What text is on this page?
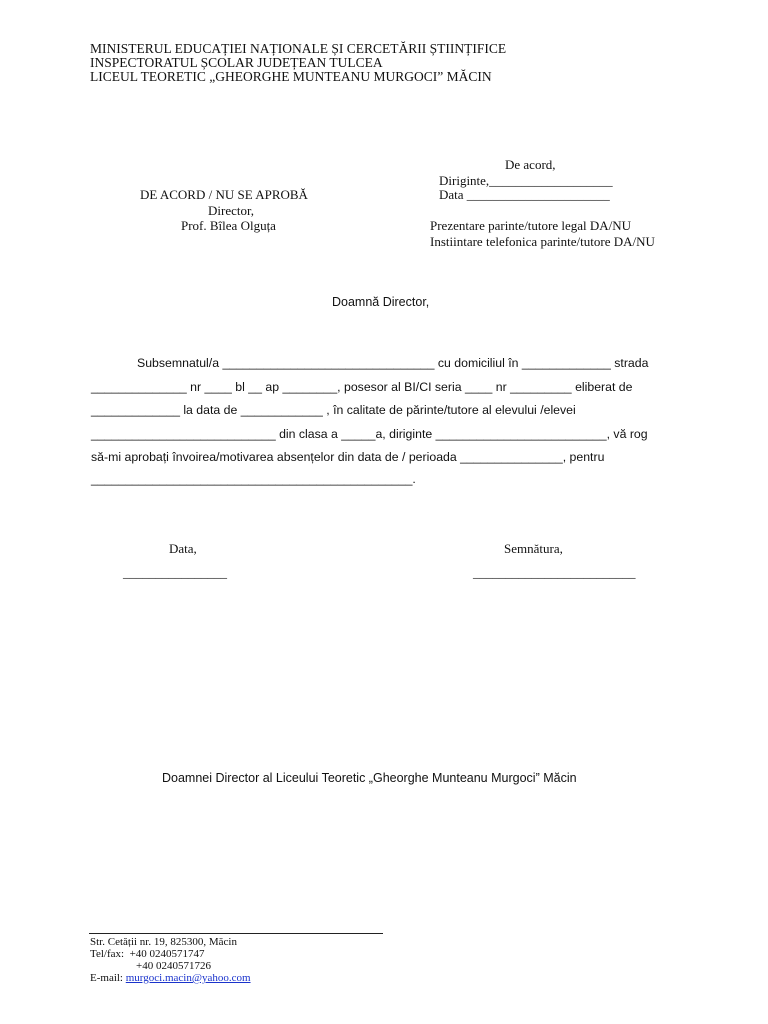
MINISTERUL EDUCAȚIEI NAȚIONALE ȘI CERCETĂRII ȘTIINȚIFICE
INSPECTORATUL ȘCOLAR JUDEȚEAN TULCEA
LICEUL TEORETIC „GHEORGHE MUNTEANU MURGOCI” MĂCIN
De acord,
Diriginte,___________________
Data ______________________
Prezentare parinte/tutore legal DA/NU
Instiintare telefonica parinte/tutore DA/NU
DE ACORD / NU SE APROBĂ
Director,
Prof. Bîlea Olguța
Doamnă Director,
Subsemnatul/a _______________________________ cu domiciliul în _____________ strada
______________ nr ____ bl __ ap ________, posesor al BI/CI seria ____ nr _________ eliberat de
_____________ la data de ____________ , în calitate de părinte/tutore al elevului /elevei
___________________________ din clasa a _____a, diriginte _________________________, vă rog
să-mi aprobați învoirea/motivarea absențelor din data de / perioada _______________, pentru
_______________________________________________.
Data,
________________
Semnătura,
_________________________
Doamnei Director al Liceului Teoretic „Gheorghe Munteanu Murgoci” Măcin
Str. Cetății nr. 19, 825300, Măcin
Tel/fax: +40 0240571747
+40 0240571726
E-mail: murgoci.macin@yahoo.com
